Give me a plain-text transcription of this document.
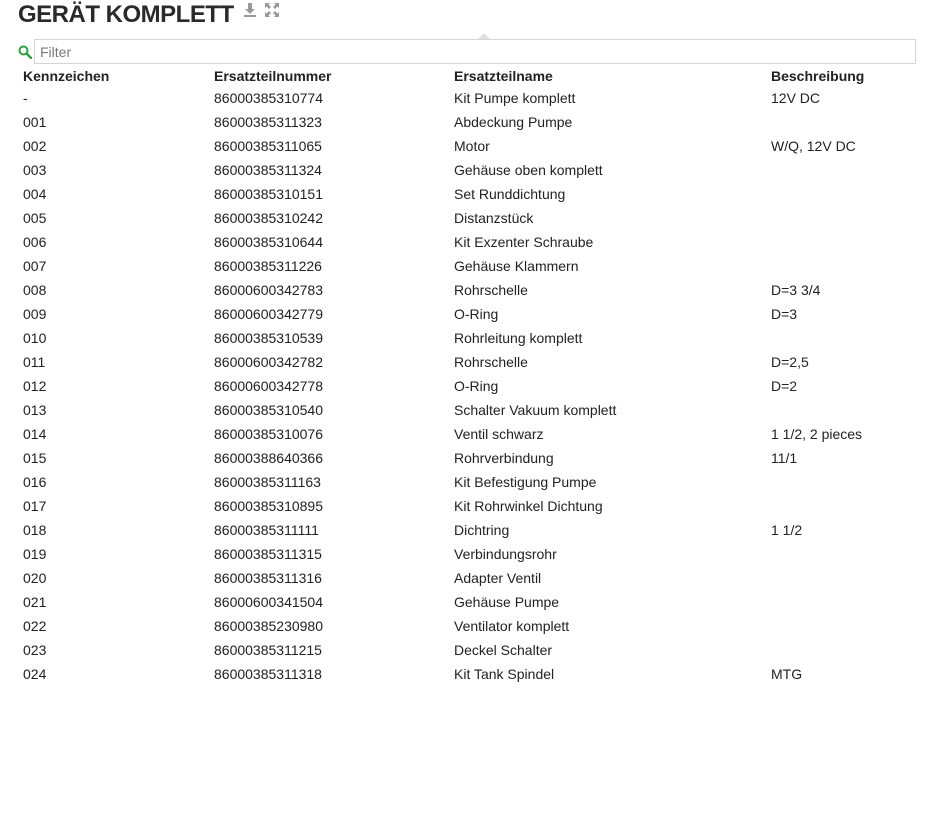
GERÄT KOMPLETT
Filter
Kennzeichen	Ersatzteilnummer	Ersatzteilname	Beschreibung
-	86000385310774	Kit Pumpe komplett	12V DC
001	86000385311323	Abdeckung Pumpe	
002	86000385311065	Motor	W/Q, 12V DC
003	86000385311324	Gehäuse oben komplett	
004	86000385310151	Set Runddichtung	
005	86000385310242	Distanzstück	
006	86000385310644	Kit Exzenter Schraube	
007	86000385311226	Gehäuse Klammern	
008	86000600342783	Rohrschelle	D=3 3/4
009	86000600342779	O-Ring	D=3
010	86000385310539	Rohrleitung komplett	
011	86000600342782	Rohrschelle	D=2,5
012	86000600342778	O-Ring	D=2
013	86000385310540	Schalter Vakuum komplett	
014	86000385310076	Ventil schwarz	1 1/2, 2 pieces
015	86000388640366	Rohrverbindung	11/1
016	86000385311163	Kit Befestigung Pumpe	
017	86000385310895	Kit Rohrwinkel Dichtung	
018	86000385311111	Dichtring	1 1/2
019	86000385311315	Verbindungsrohr	
020	86000385311316	Adapter Ventil	
021	86000600341504	Gehäuse Pumpe	
022	86000385230980	Ventilator komplett	
023	86000385311215	Deckel Schalter	
024	86000385311318	Kit Tank Spindel	MTG
